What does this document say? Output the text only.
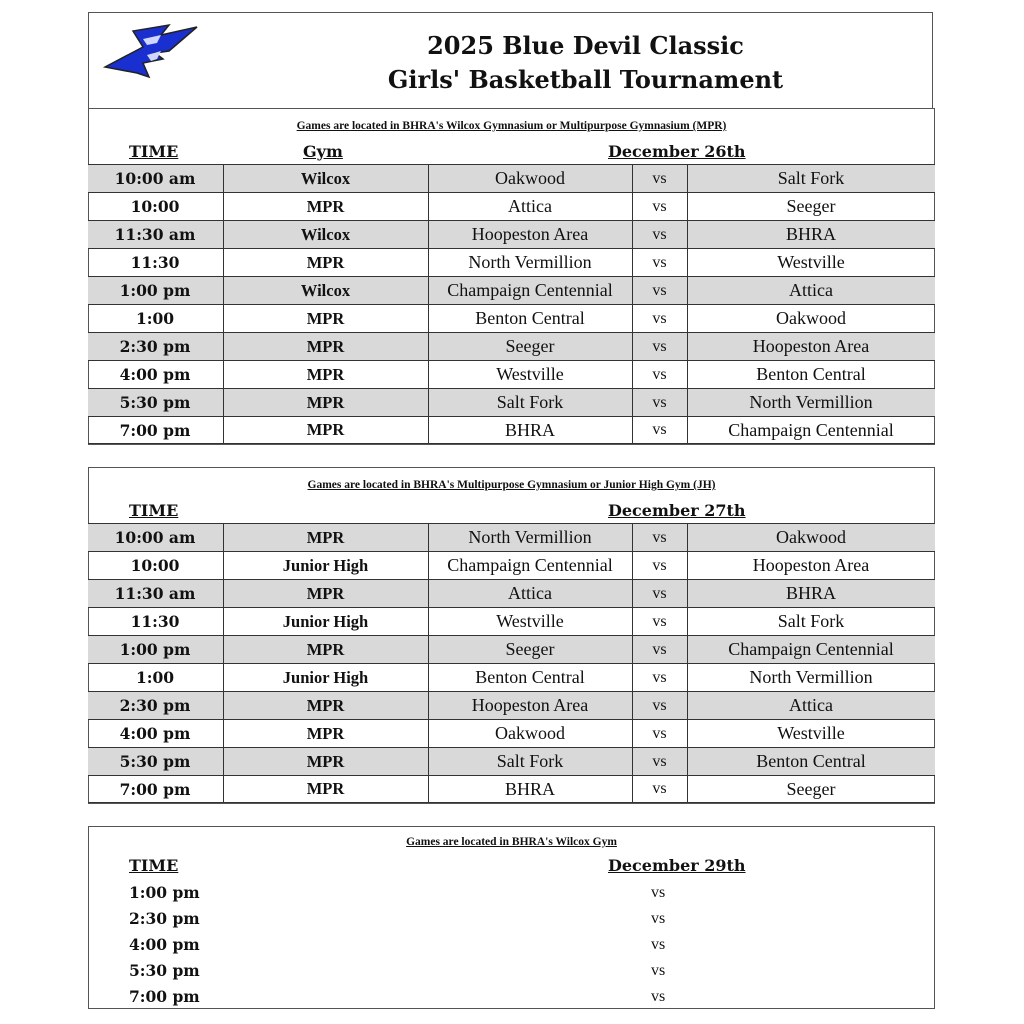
2025 Blue Devil Classic
Girls' Basketball Tournament
Games are located in BHRA's Wilcox Gymnasium or Multipurpose Gymnasium (MPR)
TIME	Gym	December 26th
10:00 am	Wilcox	Oakwood	vs	Salt Fork
10:00	MPR	Attica	vs	Seeger
11:30 am	Wilcox	Hoopeston Area	vs	BHRA
11:30	MPR	North Vermillion	vs	Westville
1:00 pm	Wilcox	Champaign Centennial	vs	Attica
1:00	MPR	Benton Central	vs	Oakwood
2:30 pm	MPR	Seeger	vs	Hoopeston Area
4:00 pm	MPR	Westville	vs	Benton Central
5:30 pm	MPR	Salt Fork	vs	North Vermillion
7:00 pm	MPR	BHRA	vs	Champaign Centennial
Games are located in BHRA's Multipurpose Gymnasium or Junior High Gym (JH)
TIME	December 27th
10:00 am	MPR	North Vermillion	vs	Oakwood
10:00	Junior High	Champaign Centennial	vs	Hoopeston Area
11:30 am	MPR	Attica	vs	BHRA
11:30	Junior High	Westville	vs	Salt Fork
1:00 pm	MPR	Seeger	vs	Champaign Centennial
1:00	Junior High	Benton Central	vs	North Vermillion
2:30 pm	MPR	Hoopeston Area	vs	Attica
4:00 pm	MPR	Oakwood	vs	Westville
5:30 pm	MPR	Salt Fork	vs	Benton Central
7:00 pm	MPR	BHRA	vs	Seeger
Games are located in BHRA's Wilcox Gym
TIME	December 29th
1:00 pm	vs
2:30 pm	vs
4:00 pm	vs
5:30 pm	vs
7:00 pm	vs
